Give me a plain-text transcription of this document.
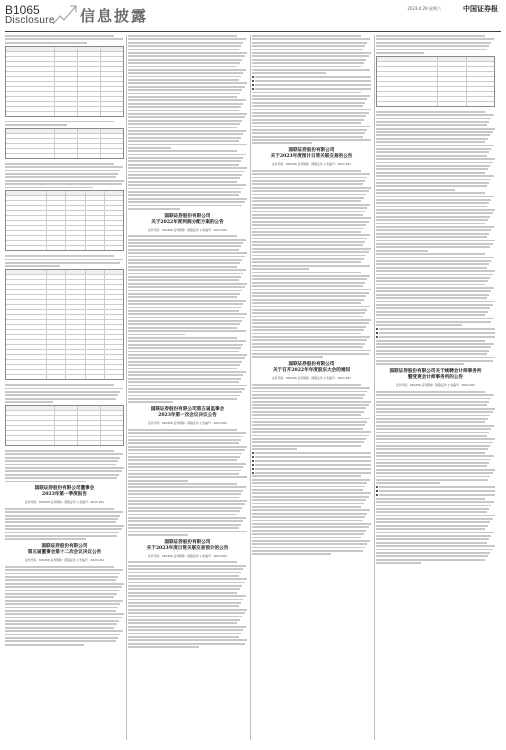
B1065
Disclosure 信息披露	2023.4.29 星期六	中国证券报
国联证券股份有限公司董事会
2023年第一季度报告
证券代码：601456 证券简称：国联证券 公告编号：2023-021
国联证券股份有限公司
第五届董事会第十二次会议决议公告
证券代码：601456 证券简称：国联证券 公告编号：2023-021
国联证券股份有限公司
关于2022年度利润分配方案的公告
证券代码：601456 证券简称：国联证券 公告编号：2023-021
国联证券股份有限公司第五届监事会
2023年第一次会议决议公告
证券代码：601456 证券简称：国联证券 公告编号：2023-021
国联证券股份有限公司
关于2023年度日常关联交易预计的公告
证券代码：601456 证券简称：国联证券 公告编号：2023-021
国联证券股份有限公司
关于2023年度预计日常关联交易的公告
证券代码：601456 证券简称：国联证券 公告编号：2023-021
国联证券股份有限公司
关于召开2022年年度股东大会的通知
证券代码：601456 证券简称：国联证券 公告编号：2023-021
国联证券股份有限公司关于续聘会计师事务所
暨变更会计师事务所的公告
证券代码：601456 证券简称：国联证券 公告编号：2023-021
